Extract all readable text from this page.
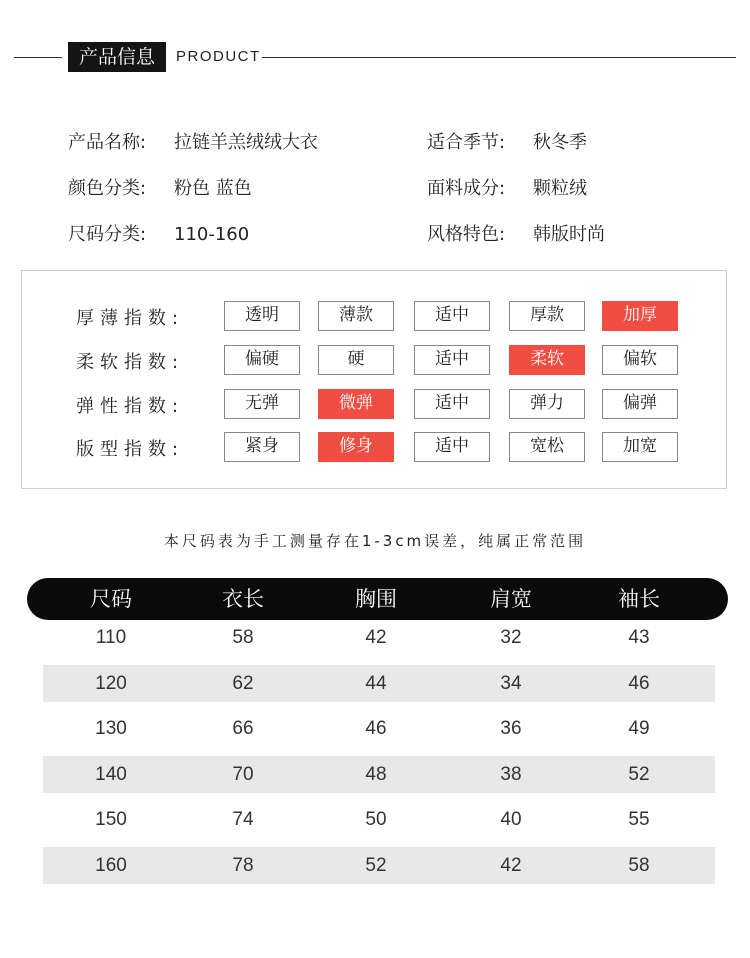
产品信息	PRODUCT
产品名称: 拉链羊羔绒绒大衣	适合季节: 秋冬季
颜色分类: 粉色 蓝色	面料成分: 颗粒绒
尺码分类: 110-160	风格特色: 韩版时尚
厚薄指数:	透明	薄款	适中	厚款	加厚
柔软指数:	偏硬	硬	适中	柔软	偏软
弹性指数:	无弹	微弹	适中	弹力	偏弹
版型指数:	紧身	修身	适中	宽松	加宽
本尺码表为手工测量存在1-3cm误差，纯属正常范围
尺码	衣长	胸围	肩宽	袖长
110	58	42	32	43
120	62	44	34	46
130	66	46	36	49
140	70	48	38	52
150	74	50	40	55
160	78	52	42	58
